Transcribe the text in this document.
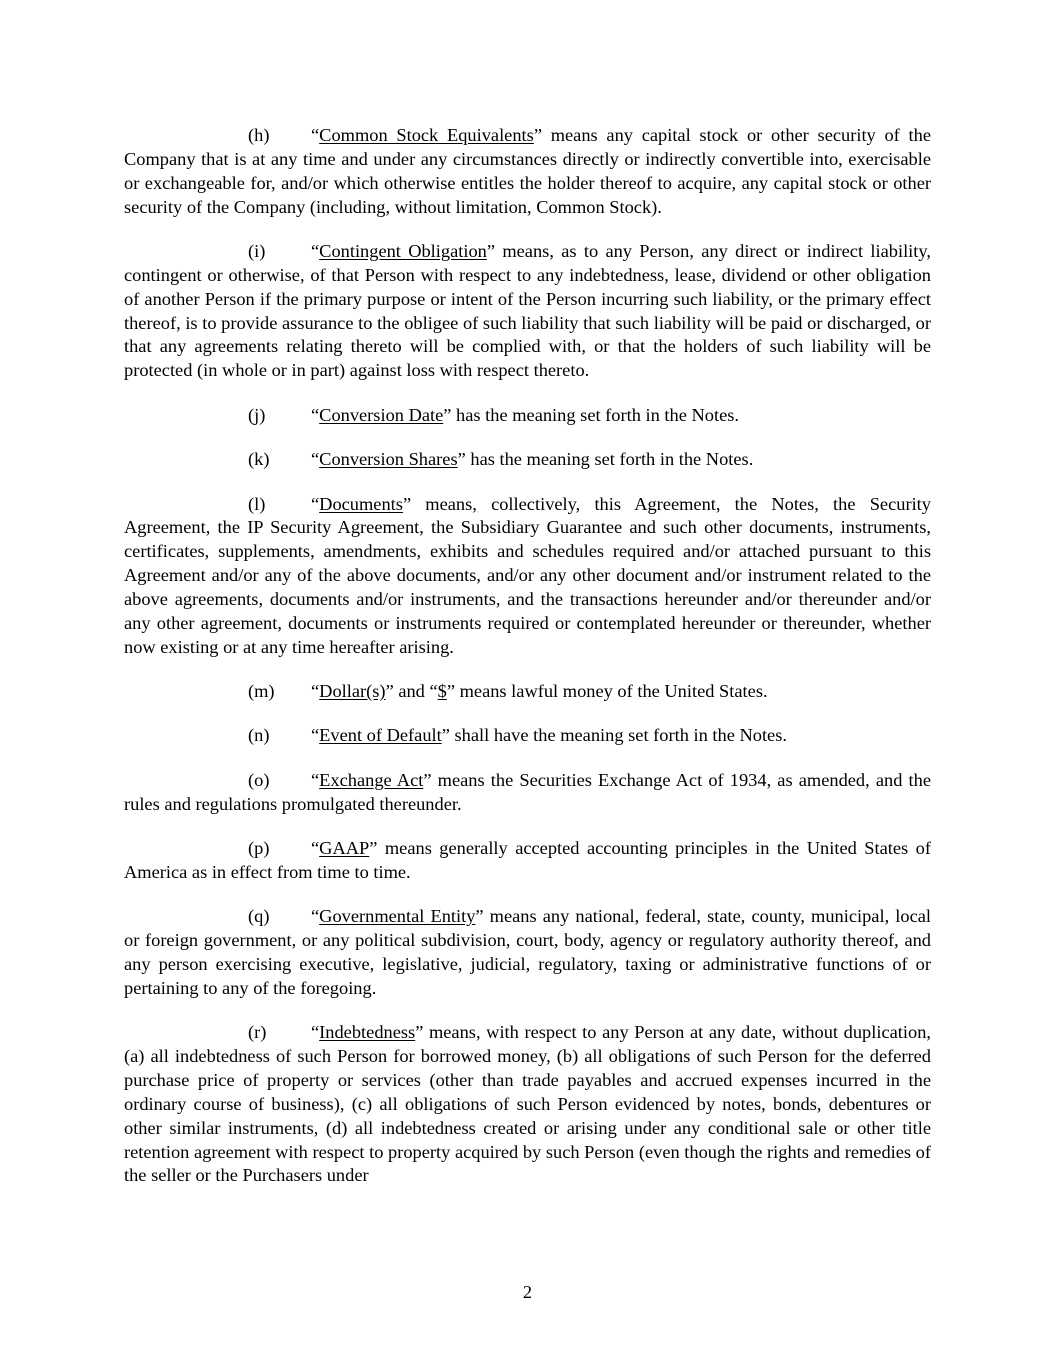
(h) “Common Stock Equivalents” means any capital stock or other security of the Company that is at any time and under any circumstances directly or indirectly convertible into, exercisable or exchangeable for, and/or which otherwise entitles the holder thereof to acquire, any capital stock or other security of the Company (including, without limitation, Common Stock).

(i) “Contingent Obligation” means, as to any Person, any direct or indirect liability, contingent or otherwise, of that Person with respect to any indebtedness, lease, dividend or other obligation of another Person if the primary purpose or intent of the Person incurring such liability, or the primary effect thereof, is to provide assurance to the obligee of such liability that such liability will be paid or discharged, or that any agreements relating thereto will be complied with, or that the holders of such liability will be protected (in whole or in part) against loss with respect thereto.

(j) “Conversion Date” has the meaning set forth in the Notes.

(k) “Conversion Shares” has the meaning set forth in the Notes.

(l) “Documents” means, collectively, this Agreement, the Notes, the Security Agreement, the IP Security Agreement, the Subsidiary Guarantee and such other documents, instruments, certificates, supplements, amendments, exhibits and schedules required and/or attached pursuant to this Agreement and/or any of the above documents, and/or any other document and/or instrument related to the above agreements, documents and/or instruments, and the transactions hereunder and/or thereunder and/or any other agreement, documents or instruments required or contemplated hereunder or thereunder, whether now existing or at any time hereafter arising.

(m) “Dollar(s)” and “$” means lawful money of the United States.

(n) “Event of Default” shall have the meaning set forth in the Notes.

(o) “Exchange Act” means the Securities Exchange Act of 1934, as amended, and the rules and regulations promulgated thereunder.

(p) “GAAP” means generally accepted accounting principles in the United States of America as in effect from time to time.

(q) “Governmental Entity” means any national, federal, state, county, municipal, local or foreign government, or any political subdivision, court, body, agency or regulatory authority thereof, and any person exercising executive, legislative, judicial, regulatory, taxing or administrative functions of or pertaining to any of the foregoing.

(r) “Indebtedness” means, with respect to any Person at any date, without duplication, (a) all indebtedness of such Person for borrowed money, (b) all obligations of such Person for the deferred purchase price of property or services (other than trade payables and accrued expenses incurred in the ordinary course of business), (c) all obligations of such Person evidenced by notes, bonds, debentures or other similar instruments, (d) all indebtedness created or arising under any conditional sale or other title retention agreement with respect to property acquired by such Person (even though the rights and remedies of the seller or the Purchasers under

2
